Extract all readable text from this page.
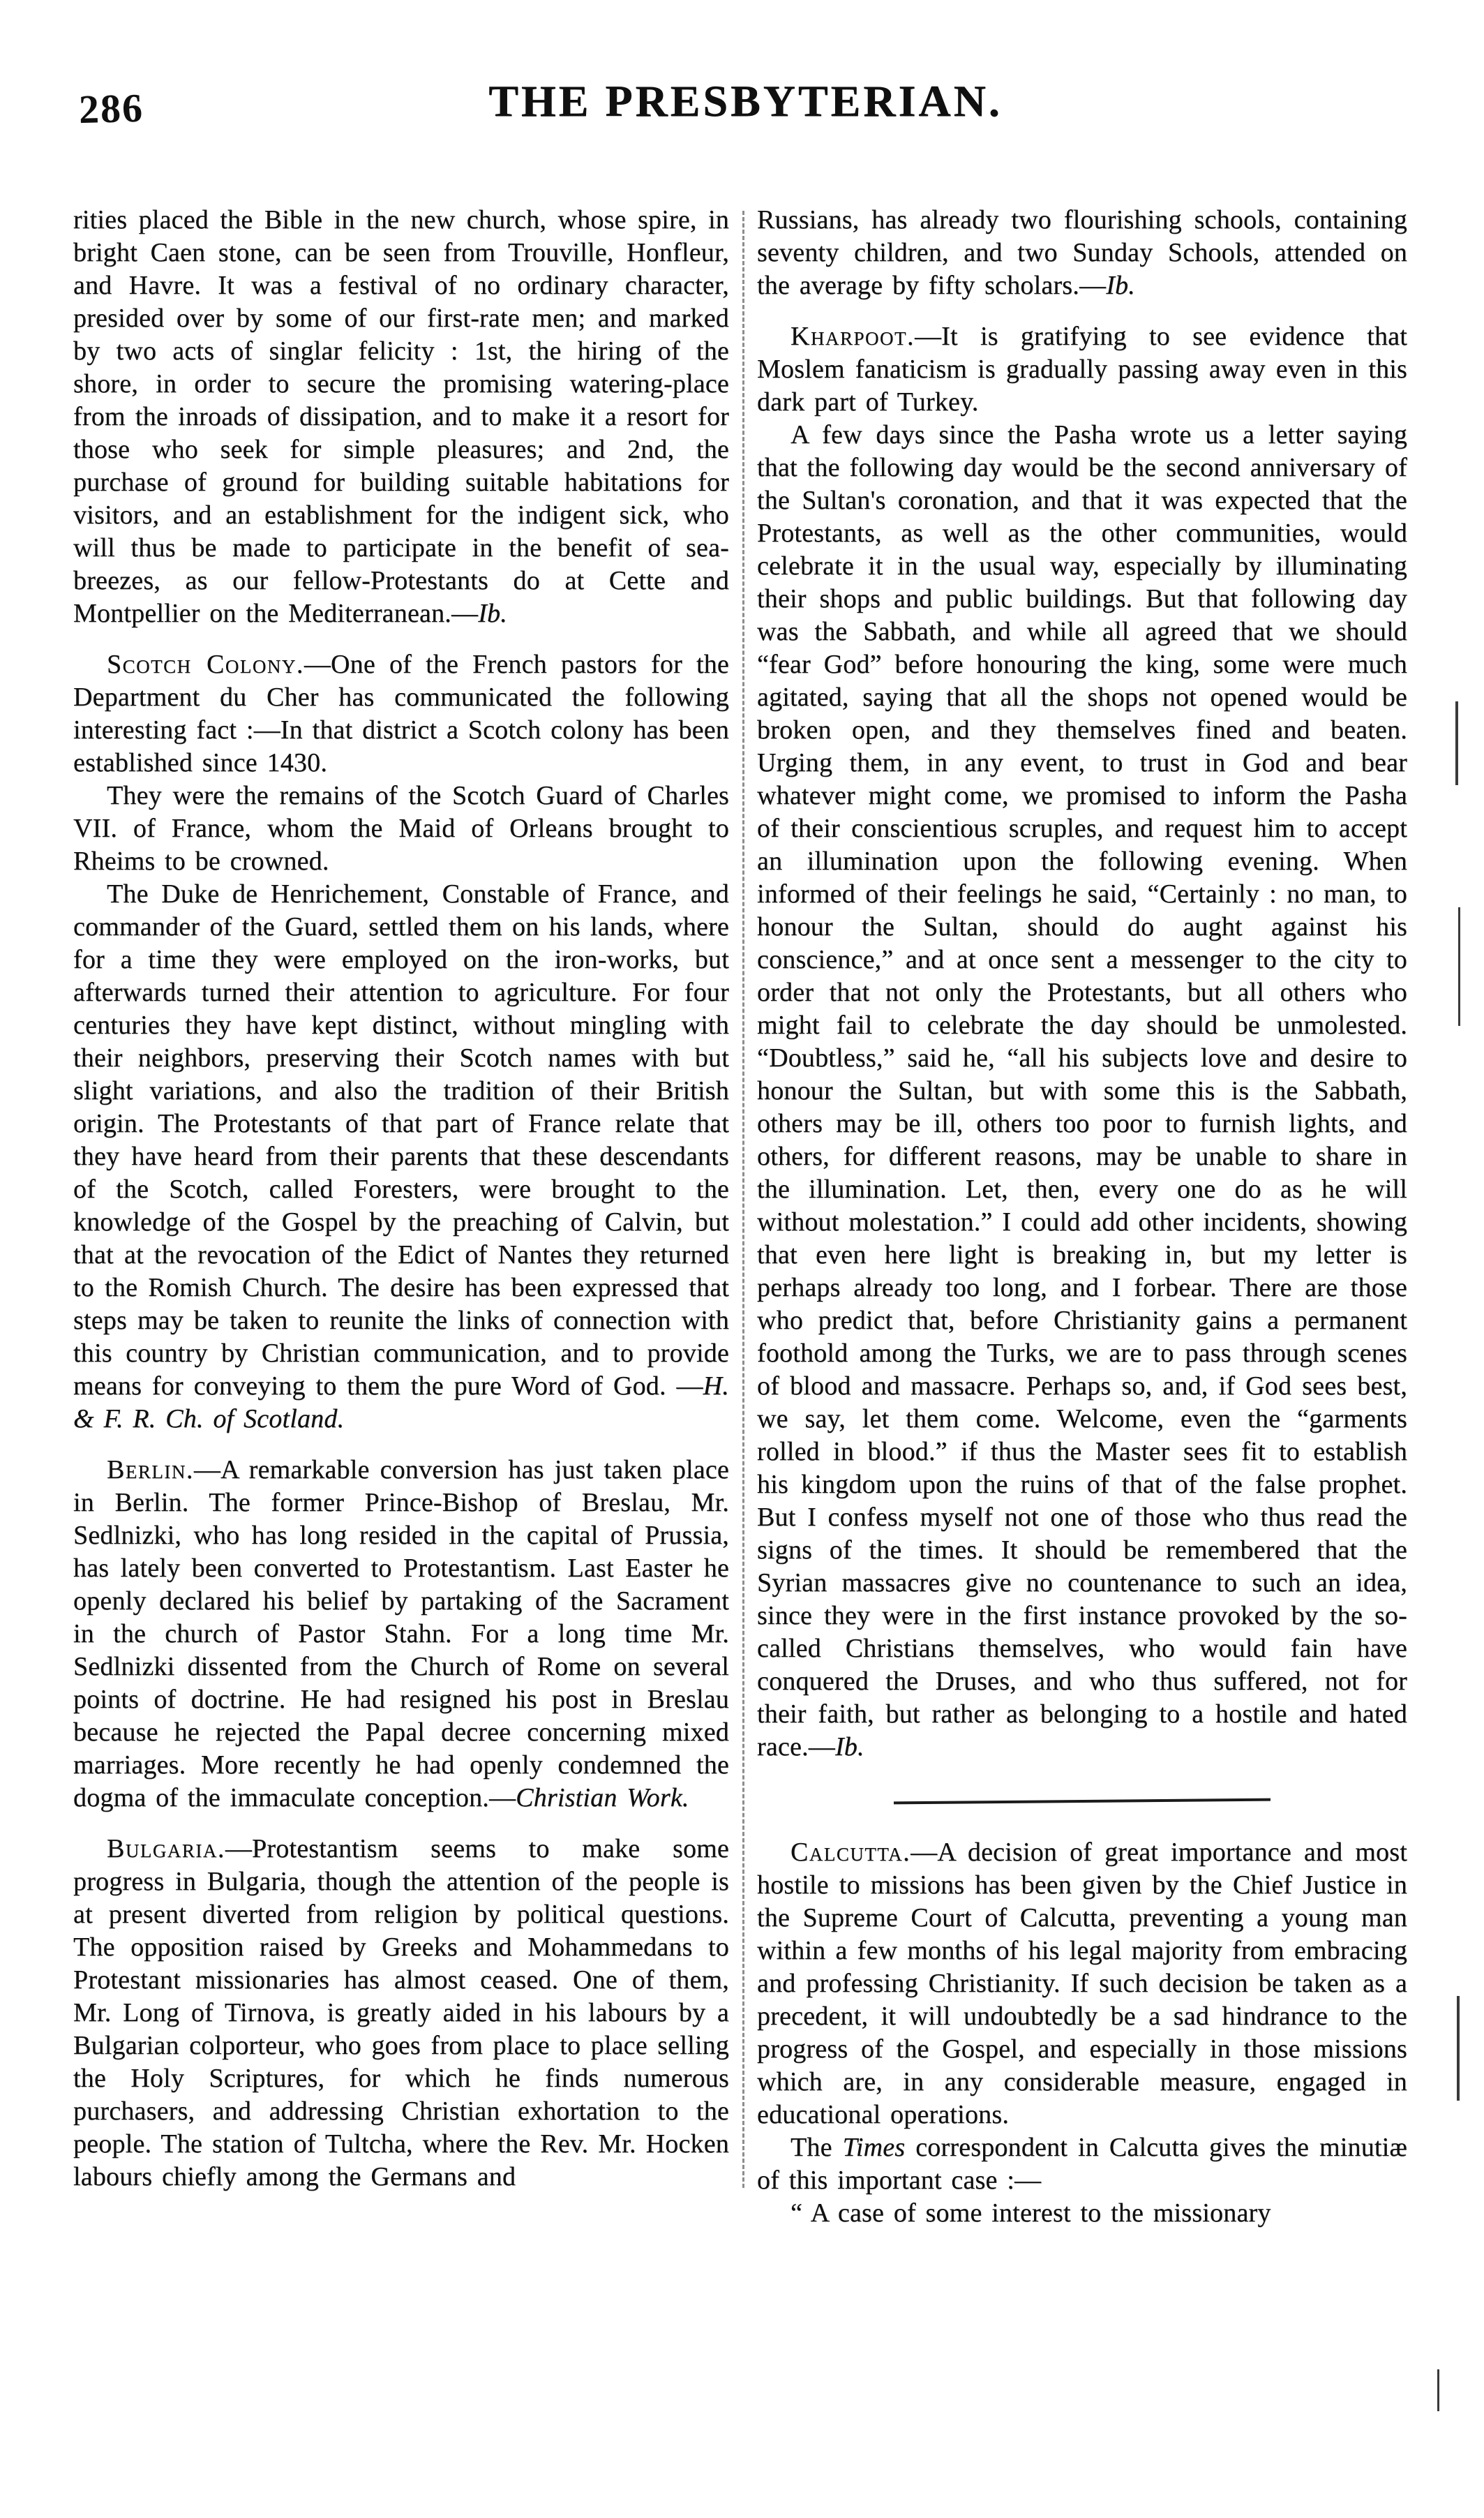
286	THE PRESBYTERIAN.

rities placed the Bible in the new church, whose spire, in bright Caen stone, can be seen from Trouville, Honfleur, and Havre. It was a festival of no ordinary character, presided over by some of our first-rate men; and marked by two acts of singlar felicity : 1st, the hiring of the shore, in order to secure the promising watering-place from the inroads of dissipation, and to make it a resort for those who seek for simple pleasures; and 2nd, the purchase of ground for building suitable habitations for visitors, and an establishment for the indigent sick, who will thus be made to participate in the benefit of sea-breezes, as our fellow-Protestants do at Cette and Montpellier on the Mediterranean.—Ib.

Scotch Colony.—One of the French pastors for the Department du Cher has communicated the following interesting fact :—In that district a Scotch colony has been established since 1430.

They were the remains of the Scotch Guard of Charles VII. of France, whom the Maid of Orleans brought to Rheims to be crowned.

The Duke de Henrichement, Constable of France, and commander of the Guard, settled them on his lands, where for a time they were employed on the iron-works, but afterwards turned their attention to agriculture. For four centuries they have kept distinct, without mingling with their neighbors, preserving their Scotch names with but slight variations, and also the tradition of their British origin. The Protestants of that part of France relate that they have heard from their parents that these descendants of the Scotch, called Foresters, were brought to the knowledge of the Gospel by the preaching of Calvin, but that at the revocation of the Edict of Nantes they returned to the Romish Church. The desire has been expressed that steps may be taken to reunite the links of connection with this country by Christian communication, and to provide means for conveying to them the pure Word of God. —H. & F. R. Ch. of Scotland.

Berlin.—A remarkable conversion has just taken place in Berlin. The former Prince-Bishop of Breslau, Mr. Sedlnizki, who has long resided in the capital of Prussia, has lately been converted to Protestantism. Last Easter he openly declared his belief by partaking of the Sacrament in the church of Pastor Stahn. For a long time Mr. Sedlnizki dissented from the Church of Rome on several points of doctrine. He had resigned his post in Breslau because he rejected the Papal decree concerning mixed marriages. More recently he had openly condemned the dogma of the immaculate conception.—Christian Work.

Bulgaria.—Protestantism seems to make some progress in Bulgaria, though the attention of the people is at present diverted from religion by political questions. The opposition raised by Greeks and Mohammedans to Protestant missionaries has almost ceased. One of them, Mr. Long of Tirnova, is greatly aided in his labours by a Bulgarian colporteur, who goes from place to place selling the Holy Scriptures, for which he finds numerous purchasers, and addressing Christian exhortation to the people. The station of Tultcha, where the Rev. Mr. Hocken labours chiefly among the Germans and

Russians, has already two flourishing schools, containing seventy children, and two Sunday Schools, attended on the average by fifty scholars.—Ib.

Kharpoot.—It is gratifying to see evidence that Moslem fanaticism is gradually passing away even in this dark part of Turkey.

A few days since the Pasha wrote us a letter saying that the following day would be the second anniversary of the Sultan's coronation, and that it was expected that the Protestants, as well as the other communities, would celebrate it in the usual way, especially by illuminating their shops and public buildings. But that following day was the Sabbath, and while all agreed that we should “fear God” before honouring the king, some were much agitated, saying that all the shops not opened would be broken open, and they themselves fined and beaten. Urging them, in any event, to trust in God and bear whatever might come, we promised to inform the Pasha of their conscientious scruples, and request him to accept an illumination upon the following evening. When informed of their feelings he said, “Certainly : no man, to honour the Sultan, should do aught against his conscience,” and at once sent a messenger to the city to order that not only the Protestants, but all others who might fail to celebrate the day should be unmolested. “Doubtless,” said he, “all his subjects love and desire to honour the Sultan, but with some this is the Sabbath, others may be ill, others too poor to furnish lights, and others, for different reasons, may be unable to share in the illumination. Let, then, every one do as he will without molestation.” I could add other incidents, showing that even here light is breaking in, but my letter is perhaps already too long, and I forbear. There are those who predict that, before Christianity gains a permanent foothold among the Turks, we are to pass through scenes of blood and massacre. Perhaps so, and, if God sees best, we say, let them come. Welcome, even the “garments rolled in blood.” if thus the Master sees fit to establish his kingdom upon the ruins of that of the false prophet. But I confess myself not one of those who thus read the signs of the times. It should be remembered that the Syrian massacres give no countenance to such an idea, since they were in the first instance provoked by the so-called Christians themselves, who would fain have conquered the Druses, and who thus suffered, not for their faith, but rather as belonging to a hostile and hated race.—Ib.

Calcutta.—A decision of great importance and most hostile to missions has been given by the Chief Justice in the Supreme Court of Calcutta, preventing a young man within a few months of his legal majority from embracing and professing Christianity. If such decision be taken as a precedent, it will undoubtedly be a sad hindrance to the progress of the Gospel, and especially in those missions which are, in any considerable measure, engaged in educational operations.

The Times correspondent in Calcutta gives the minutiæ of this important case :—

“ A case of some interest to the missionary
